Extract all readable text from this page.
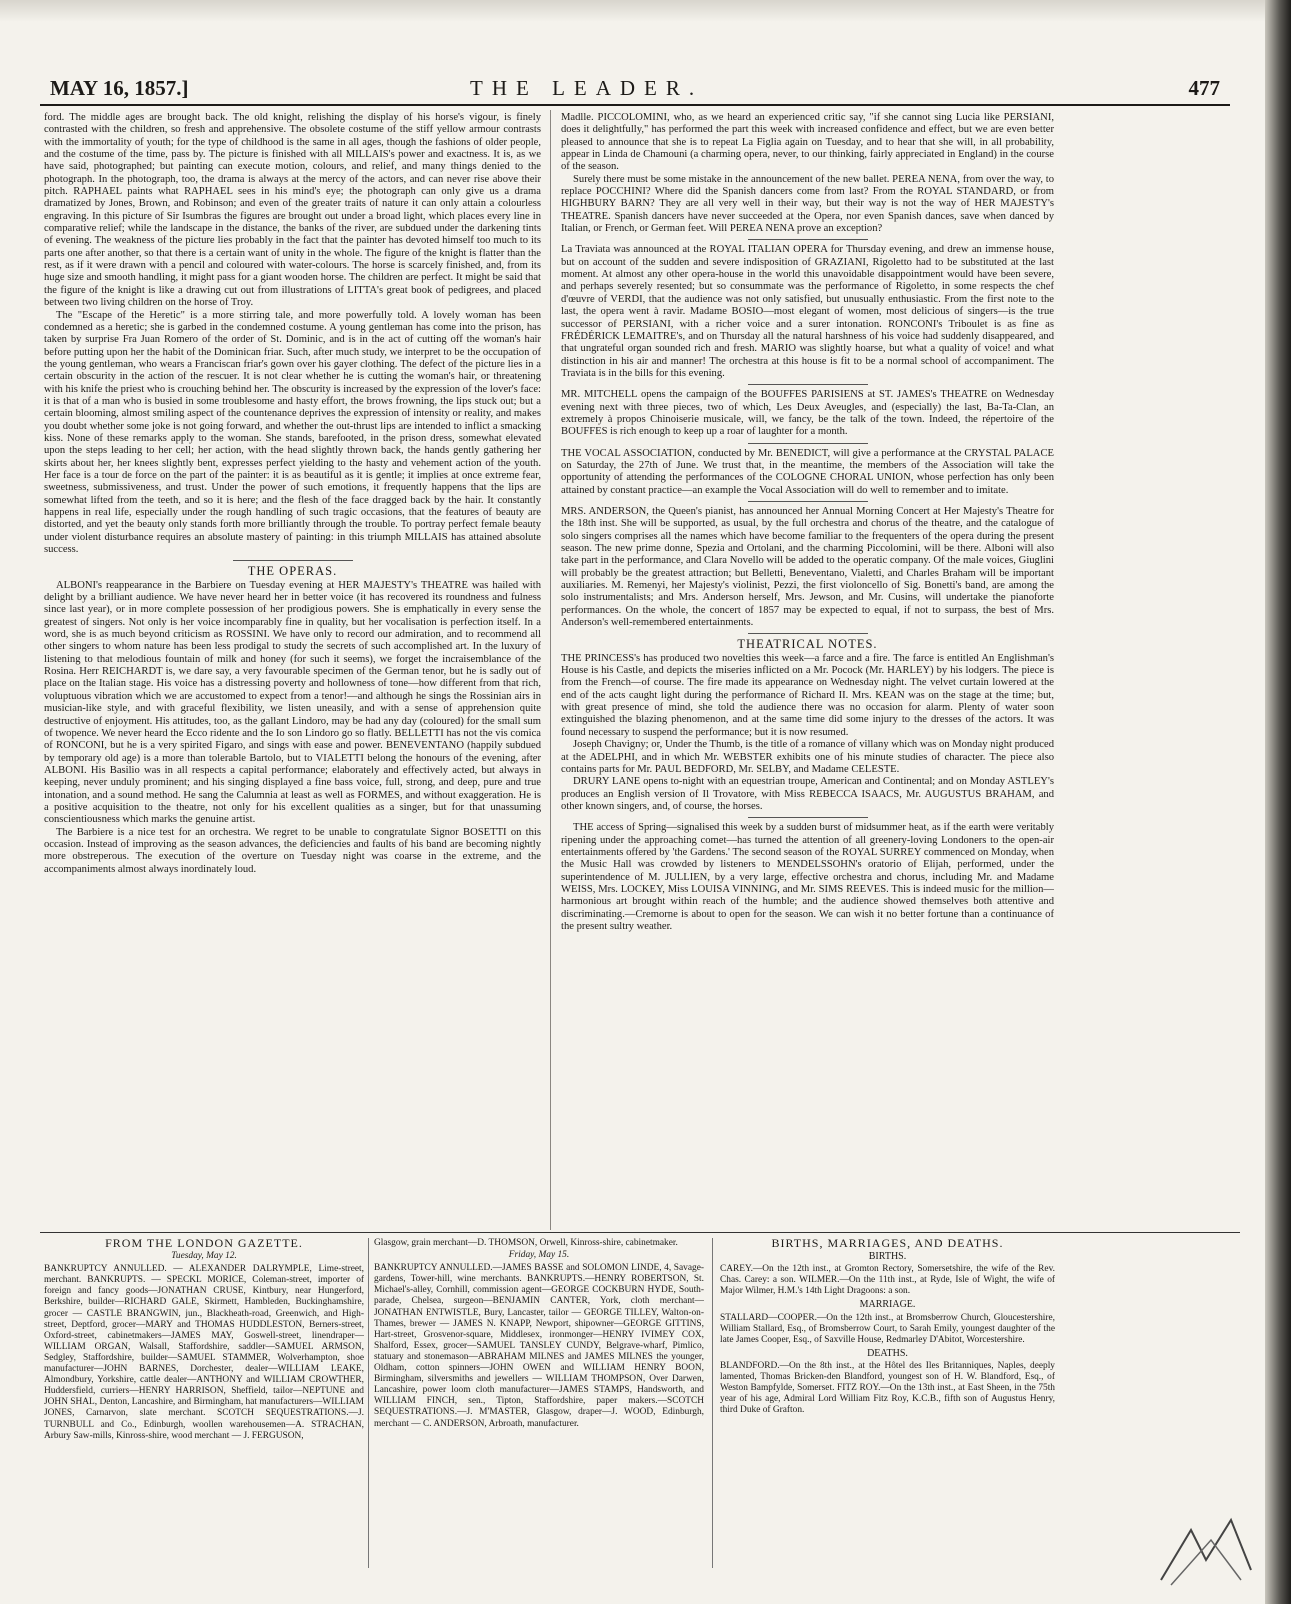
MAY 16, 1857.]	THE LEADER.	477

ford. The middle ages are brought back. The old knight, relishing the display of his horse's vigour, is finely contrasted with the children, so fresh and apprehensive. The obsolete costume of the stiff yellow armour contrasts with the immortality of youth; for the type of childhood is the same in all ages, though the fashions of older people, and the costume of the time, pass by. The picture is finished with all MILLAIS's power and exactness. It is, as we have said, photographed; but painting can execute motion, colours, and relief, and many things denied to the photograph. In the photograph, too, the drama is always at the mercy of the actors, and can never rise above their pitch. RAPHAEL paints what RAPHAEL sees in his mind's eye; the photograph can only give us a drama dramatized by Jones, Brown, and Robinson; and even of the greater traits of nature it can only attain a colourless engraving. In this picture of Sir Isumbras the figures are brought out under a broad light, which places every line in comparative relief; while the landscape in the distance, the banks of the river, are subdued under the darkening tints of evening. The weakness of the picture lies probably in the fact that the painter has devoted himself too much to its parts one after another, so that there is a certain want of unity in the whole. The figure of the knight is flatter than the rest, as if it were drawn with a pencil and coloured with water-colours. The horse is scarcely finished, and, from its huge size and smooth handling, it might pass for a giant wooden horse. The children are perfect. It might be said that the figure of the knight is like a drawing cut out from illustrations of LITTA's great book of pedigrees, and placed between two living children on the horse of Troy.

The "Escape of the Heretic" is a more stirring tale, and more powerfully told. A lovely woman has been condemned as a heretic; she is garbed in the condemned costume. A young gentleman has come into the prison, has taken by surprise Fra Juan Romero of the order of St. Dominic, and is in the act of cutting off the woman's hair before putting upon her the habit of the Dominican friar. Such, after much study, we interpret to be the occupation of the young gentleman, who wears a Franciscan friar's gown over his gayer clothing. The defect of the picture lies in a certain obscurity in the action of the rescuer. It is not clear whether he is cutting the woman's hair, or threatening with his knife the priest who is crouching behind her. The obscurity is increased by the expression of the lover's face: it is that of a man who is busied in some troublesome and hasty effort, the brows frowning, the lips stuck out; but a certain blooming, almost smiling aspect of the countenance deprives the expression of intensity or reality, and makes you doubt whether some joke is not going forward, and whether the out-thrust lips are intended to inflict a smacking kiss. None of these remarks apply to the woman. She stands, barefooted, in the prison dress, somewhat elevated upon the steps leading to her cell; her action, with the head slightly thrown back, the hands gently gathering her skirts about her, her knees slightly bent, expresses perfect yielding to the hasty and vehement action of the youth. Her face is a tour de force on the part of the painter: it is as beautiful as it is gentle; it implies at once extreme fear, sweetness, submissiveness, and trust. Under the power of such emotions, it frequently happens that the lips are somewhat lifted from the teeth, and so it is here; and the flesh of the face dragged back by the hair. It constantly happens in real life, especially under the rough handling of such tragic occasions, that the features of beauty are distorted, and yet the beauty only stands forth more brilliantly through the trouble. To portray perfect female beauty under violent disturbance requires an absolute mastery of painting: in this triumph MILLAIS has attained absolute success.

THE OPERAS.

ALBONI's reappearance in the Barbiere on Tuesday evening at HER MAJESTY's THEATRE was hailed with delight by a brilliant audience. We have never heard her in better voice (it has recovered its roundness and fulness since last year), or in more complete possession of her prodigious powers. She is emphatically in every sense the greatest of singers. Not only is her voice incomparably fine in quality, but her vocalisation is perfection itself. In a word, she is as much beyond criticism as ROSSINI. We have only to record our admiration, and to recommend all other singers to whom nature has been less prodigal to study the secrets of such accomplished art. In the luxury of listening to that melodious fountain of milk and honey (for such it seems), we forget the incraisemblance of the Rosina. Herr REICHARDT is, we dare say, a very favourable specimen of the German tenor, but he is sadly out of place on the Italian stage. His voice has a distressing poverty and hollowness of tone—how different from that rich, voluptuous vibration which we are accustomed to expect from a tenor!—and although he sings the Rossinian airs in musician-like style, and with graceful flexibility, we listen uneasily, and with a sense of apprehension quite destructive of enjoyment. His attitudes, too, as the gallant Lindoro, may be had any day (coloured) for the small sum of twopence. We never heard the Ecco ridente and the Io son Lindoro go so flatly. BELLETTI has not the vis comica of RONCONI, but he is a very spirited Figaro, and sings with ease and power. BENEVENTANO (happily subdued by temporary old age) is a more than tolerable Bartolo, but to VIALETTI belong the honours of the evening, after ALBONI. His Basilio was in all respects a capital performance; elaborately and effectively acted, but always in keeping, never unduly prominent; and his singing displayed a fine bass voice, full, strong, and deep, pure and true intonation, and a sound method. He sang the Calumnia at least as well as FORMES, and without exaggeration. He is a positive acquisition to the theatre, not only for his excellent qualities as a singer, but for that unassuming conscientiousness which marks the genuine artist.

The Barbiere is a nice test for an orchestra. We regret to be unable to congratulate Signor BOSETTI on this occasion. Instead of improving as the season advances, the deficiencies and faults of his band are becoming nightly more obstreperous. The execution of the overture on Tuesday night was coarse in the extreme, and the accompaniments almost always inordinately loud.

Madlle. PICCOLOMINI, who, as we heard an experienced critic say, "if she cannot sing Lucia like PERSIANI, does it delightfully," has performed the part this week with increased confidence and effect, but we are even better pleased to announce that she is to repeat La Figlia again on Tuesday, and to hear that she will, in all probability, appear in Linda de Chamouni (a charming opera, never, to our thinking, fairly appreciated in England) in the course of the season.

Surely there must be some mistake in the announcement of the new ballet. PEREA NENA, from over the way, to replace POCCHINI? Where did the Spanish dancers come from last? From the ROYAL STANDARD, or from HIGHBURY BARN? They are all very well in their way, but their way is not the way of HER MAJESTY's THEATRE. Spanish dancers have never succeeded at the Opera, nor even Spanish dances, save when danced by Italian, or French, or German feet. Will PEREA NENA prove an exception?

La Traviata was announced at the ROYAL ITALIAN OPERA for Thursday evening, and drew an immense house, but on account of the sudden and severe indisposition of GRAZIANI, Rigoletto had to be substituted at the last moment. At almost any other opera-house in the world this unavoidable disappointment would have been severe, and perhaps severely resented; but so consummate was the performance of Rigoletto, in some respects the chef d'œuvre of VERDI, that the audience was not only satisfied, but unusually enthusiastic. From the first note to the last, the opera went à ravir. Madame BOSIO—most elegant of women, most delicious of singers—is the true successor of PERSIANI, with a richer voice and a surer intonation. RONCONI's Triboulet is as fine as FRÉDÉRICK LEMAITRE's, and on Thursday all the natural harshness of his voice had suddenly disappeared, and that ungrateful organ sounded rich and fresh. MARIO was slightly hoarse, but what a quality of voice! and what distinction in his air and manner! The orchestra at this house is fit to be a normal school of accompaniment. The Traviata is in the bills for this evening.

MR. MITCHELL opens the campaign of the BOUFFES PARISIENS at ST. JAMES's THEATRE on Wednesday evening next with three pieces, two of which, Les Deux Aveugles, and (especially) the last, Ba-Ta-Clan, an extremely à propos Chinoiserie musicale, will, we fancy, be the talk of the town. Indeed, the répertoire of the BOUFFES is rich enough to keep up a roar of laughter for a month.

THE VOCAL ASSOCIATION, conducted by Mr. BENEDICT, will give a performance at the CRYSTAL PALACE on Saturday, the 27th of June. We trust that, in the meantime, the members of the Association will take the opportunity of attending the performances of the COLOGNE CHORAL UNION, whose perfection has only been attained by constant practice—an example the Vocal Association will do well to remember and to imitate.

MRS. ANDERSON, the Queen's pianist, has announced her Annual Morning Concert at Her Majesty's Theatre for the 18th inst. She will be supported, as usual, by the full orchestra and chorus of the theatre, and the catalogue of solo singers comprises all the names which have become familiar to the frequenters of the opera during the present season. The new prime donne, Spezia and Ortolani, and the charming Piccolomini, will be there. Alboni will also take part in the performance, and Clara Novello will be added to the operatic company. Of the male voices, Giuglini will probably be the greatest attraction; but Belletti, Beneventano, Vialetti, and Charles Braham will be important auxiliaries. M. Remenyi, her Majesty's violinist, Pezzi, the first violoncello of Sig. Bonetti's band, are among the solo instrumentalists; and Mrs. Anderson herself, Mrs. Jewson, and Mr. Cusins, will undertake the pianoforte performances. On the whole, the concert of 1857 may be expected to equal, if not to surpass, the best of Mrs. Anderson's well-remembered entertainments.

THEATRICAL NOTES.

THE PRINCESS's has produced two novelties this week—a farce and a fire. The farce is entitled An Englishman's House is his Castle, and depicts the miseries inflicted on a Mr. Pocock (Mr. HARLEY) by his lodgers. The piece is from the French—of course. The fire made its appearance on Wednesday night. The velvet curtain lowered at the end of the acts caught light during the performance of Richard II. Mrs. KEAN was on the stage at the time; but, with great presence of mind, she told the audience there was no occasion for alarm. Plenty of water soon extinguished the blazing phenomenon, and at the same time did some injury to the dresses of the actors. It was found necessary to suspend the performance; but it is now resumed.

Joseph Chavigny; or, Under the Thumb, is the title of a romance of villany which was on Monday night produced at the ADELPHI, and in which Mr. WEBSTER exhibits one of his minute studies of character. The piece also contains parts for Mr. PAUL BEDFORD, Mr. SELBY, and Madame CELESTE.

DRURY LANE opens to-night with an equestrian troupe, American and Continental; and on Monday ASTLEY's produces an English version of Il Trovatore, with Miss REBECCA ISAACS, Mr. AUGUSTUS BRAHAM, and other known singers, and, of course, the horses.

THE access of Spring—signalised this week by a sudden burst of midsummer heat, as if the earth were veritably ripening under the approaching comet—has turned the attention of all greenery-loving Londoners to the open-air entertainments offered by 'the Gardens.' The second season of the ROYAL SURREY commenced on Monday, when the Music Hall was crowded by listeners to MENDELSSOHN's oratorio of Elijah, performed, under the superintendence of M. JULLIEN, by a very large, effective orchestra and chorus, including Mr. and Madame WEISS, Mrs. LOCKEY, Miss LOUISA VINNING, and Mr. SIMS REEVES. This is indeed music for the million—harmonious art brought within reach of the humble; and the audience showed themselves both attentive and discriminating.—Cremorne is about to open for the season. We can wish it no better fortune than a continuance of the present sultry weather.

FROM THE LONDON GAZETTE.
Tuesday, May 12.

BANKRUPTCY ANNULLED. — ALEXANDER DALRYMPLE, Lime-street, merchant. BANKRUPTS. — SPECKL MORICE, Coleman-street, importer of foreign and fancy goods—JONATHAN CRUSE, Kintbury, near Hungerford, Berkshire, builder—RICHARD GALE, Skirmett, Hambleden, Buckinghamshire, grocer — CASTLE BRANGWIN, jun., Blackheath-road, Greenwich, and High-street, Deptford, grocer—MARY and THOMAS HUDDLESTON, Berners-street, Oxford-street, cabinetmakers—JAMES MAY, Goswell-street, linendraper—WILLIAM ORGAN, Walsall, Staffordshire, saddler—SAMUEL ARMSON, Sedgley, Staffordshire, builder—SAMUEL STAMMER, Wolverhampton, shoe manufacturer—JOHN BARNES, Dorchester, dealer—WILLIAM LEAKE, Almondbury, Yorkshire, cattle dealer—ANTHONY and WILLIAM CROWTHER, Huddersfield, curriers—HENRY HARRISON, Sheffield, tailor—NEPTUNE and JOHN SHAL, Denton, Lancashire, and Birmingham, hat manufacturers—WILLIAM JONES, Carnarvon, slate merchant. SCOTCH SEQUESTRATIONS.—J. TURNBULL and Co., Edinburgh, woollen warehousemen—A. STRACHAN, Arbury Saw-mills, Kinross-shire, wood merchant — J. FERGUSON,

Glasgow, grain merchant—D. THOMSON, Orwell, Kinross-shire, cabinetmaker.

Friday, May 15.

BANKRUPTCY ANNULLED.—JAMES BASSE and SOLOMON LINDE, 4, Savage-gardens, Tower-hill, wine merchants. BANKRUPTS.—HENRY ROBERTSON, St. Michael's-alley, Cornhill, commission agent—GEORGE COCKBURN HYDE, South-parade, Chelsea, surgeon—BENJAMIN CANTER, York, cloth merchant—JONATHAN ENTWISTLE, Bury, Lancaster, tailor — GEORGE TILLEY, Walton-on-Thames, brewer — JAMES N. KNAPP, Newport, shipowner—GEORGE GITTINS, Hart-street, Grosvenor-square, Middlesex, ironmonger—HENRY IVIMEY COX, Shalford, Essex, grocer—SAMUEL TANSLEY CUNDY, Belgrave-wharf, Pimlico, statuary and stonemason—ABRAHAM MILNES and JAMES MILNES the younger, Oldham, cotton spinners—JOHN OWEN and WILLIAM HENRY BOON, Birmingham, silversmiths and jewellers — WILLIAM THOMPSON, Over Darwen, Lancashire, power loom cloth manufacturer—JAMES STAMPS, Handsworth, and WILLIAM FINCH, sen., Tipton, Staffordshire, paper makers.—SCOTCH SEQUESTRATIONS.—J. M'MASTER, Glasgow, draper—J. WOOD, Edinburgh, merchant — C. ANDERSON, Arbroath, manufacturer.

BIRTHS, MARRIAGES, AND DEATHS.
BIRTHS.

CAREY.—On the 12th inst., at Gromton Rectory, Somersetshire, the wife of the Rev. Chas. Carey: a son. WILMER.—On the 11th inst., at Ryde, Isle of Wight, the wife of Major Wilmer, H.M.'s 14th Light Dragoons: a son.

MARRIAGE.

STALLARD—COOPER.—On the 12th inst., at Bromsberrow Church, Gloucestershire, William Stallard, Esq., of Bromsberrow Court, to Sarah Emily, youngest daughter of the late James Cooper, Esq., of Saxville House, Redmarley D'Abitot, Worcestershire.

DEATHS.

BLANDFORD.—On the 8th inst., at the Hôtel des Iles Britanniques, Naples, deeply lamented, Thomas Bricken-den Blandford, youngest son of H. W. Blandford, Esq., of Weston Bampfylde, Somerset. FITZ ROY.—On the 13th inst., at East Sheen, in the 75th year of his age, Admiral Lord William Fitz Roy, K.C.B., fifth son of Augustus Henry, third Duke of Grafton.
